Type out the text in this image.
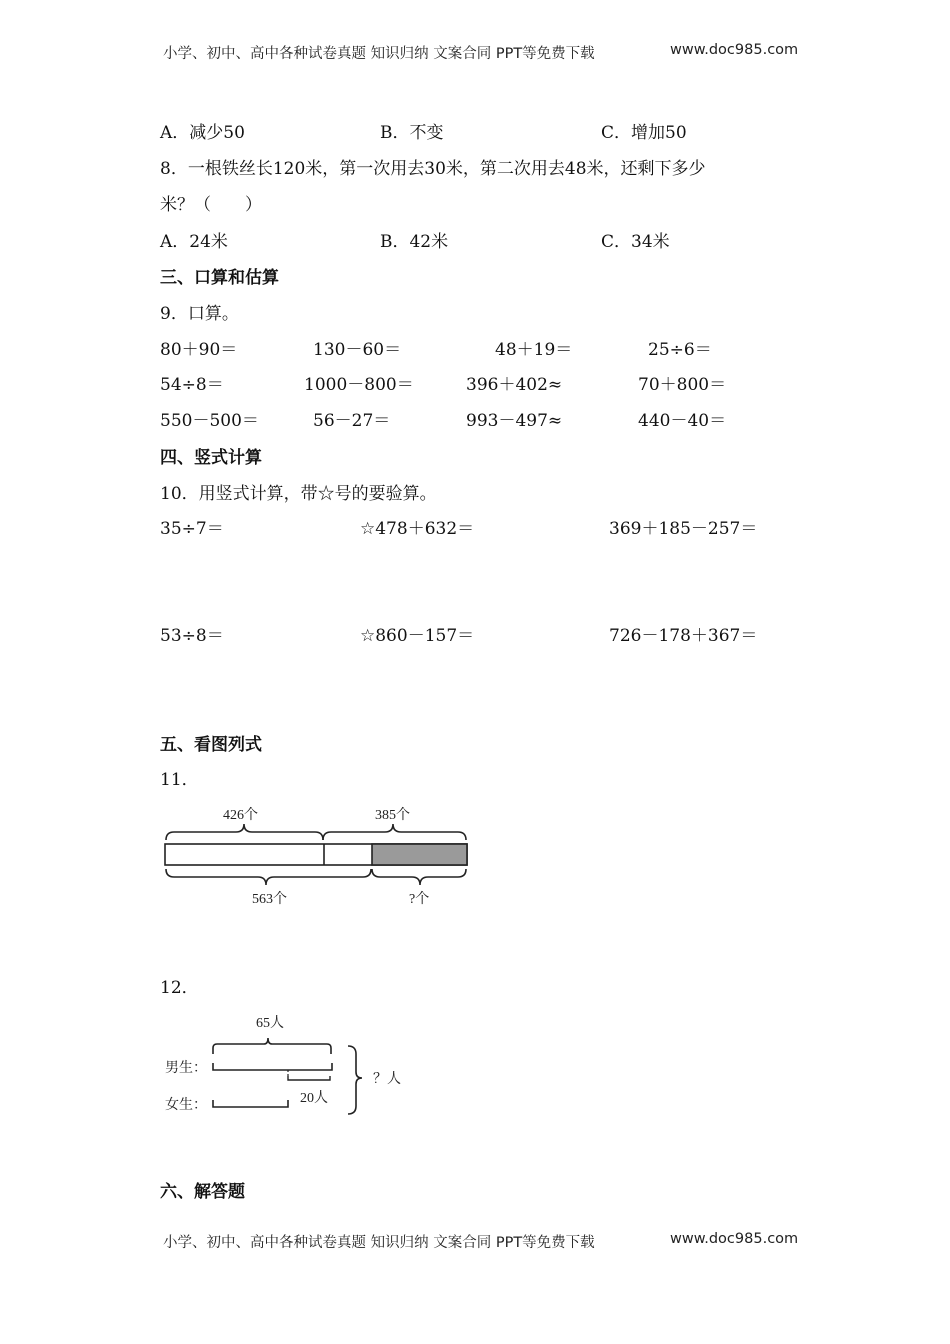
小学、初中、高中各种试卷真题 知识归纳 文案合同 PPT等免费下载	www.doc985.com
A．减少50	B．不变	C．增加50
8．一根铁丝长120米，第一次用去30米，第二次用去48米，还剩下多少
米？（　　）
A．24米	B．42米	C．34米
三、口算和估算
9．口算。
80＋90＝	130－60＝	48＋19＝	25÷6＝
54÷8＝	1000－800＝	396＋402≈	70＋800＝
550－500＝	56－27＝	993－497≈	440－40＝
四、竖式计算
10．用竖式计算，带☆号的要验算。
35÷7＝	☆478＋632＝	369＋185－257＝
53÷8＝	☆860－157＝	726－178＋367＝
五、看图列式
11．
426个	385个
563个	?个
12．
65人
男生：
20人
女生：
？人
六、解答题
小学、初中、高中各种试卷真题 知识归纳 文案合同 PPT等免费下载	www.doc985.com
